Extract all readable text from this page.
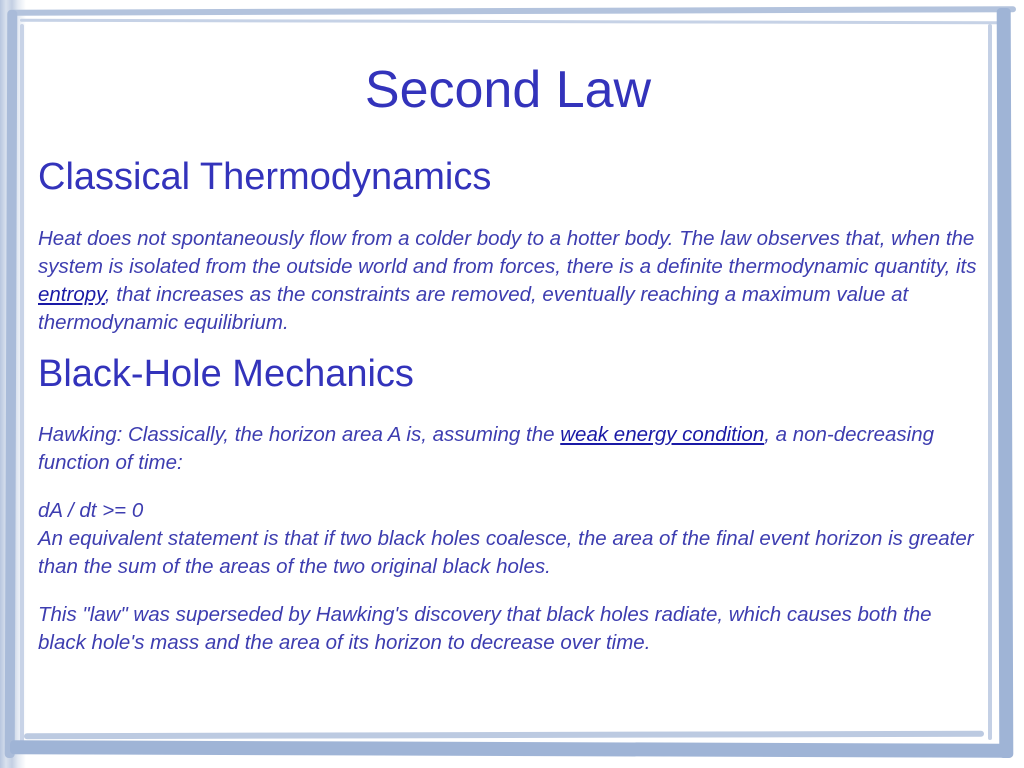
Second Law
Classical Thermodynamics

Heat does not spontaneously flow from a colder body to a hotter body. The law observes that, when the system is isolated from the outside world and from forces, there is a definite thermodynamic quantity, its entropy, that increases as the constraints are removed, eventually reaching a maximum value at thermodynamic equilibrium.

Black-Hole Mechanics

Hawking: Classically, the horizon area A is, assuming the weak energy condition, a non-decreasing function of time:

dA / dt >= 0

An equivalent statement is that if two black holes coalesce, the area of the final event horizon is greater than the sum of the areas of the two original black holes.

This "law" was superseded by Hawking's discovery that black holes radiate, which causes both the black hole's mass and the area of its horizon to decrease over time.
